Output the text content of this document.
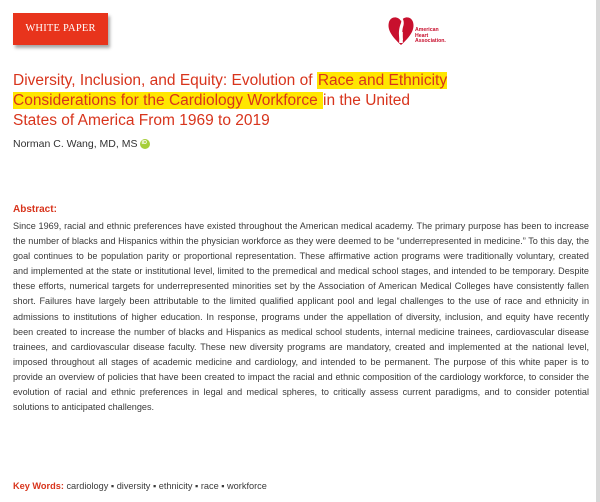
WHITE PAPER	American
Heart
Association.
Diversity, Inclusion, and Equity: Evolution of Race and Ethnicity Considerations for the Cardiology Workforce in the United States of America From 1969 to 2019
Norman C. Wang, MD, MS
iD
Abstract:

Since 1969, racial and ethnic preferences have existed throughout the American medical academy. The primary purpose has been to increase the number of blacks and Hispanics within the physician workforce as they were deemed to be “underrepresented in medicine.” To this day, the goal continues to be population parity or proportional representation. These affirmative action programs were traditionally voluntary, created and implemented at the state or institutional level, limited to the premedical and medical school stages, and intended to be temporary. Despite these efforts, numerical targets for underrepresented minorities set by the Association of American Medical Colleges have consistently fallen short. Failures have largely been attributable to the limited qualified applicant pool and legal challenges to the use of race and ethnicity in admissions to institutions of higher education. In response, programs under the appellation of diversity, inclusion, and equity have recently been created to increase the number of blacks and Hispanics as medical school students, internal medicine trainees, cardiovascular disease trainees, and cardiovascular disease faculty. These new diversity programs are mandatory, created and implemented at the national level, imposed throughout all stages of academic medicine and cardiology, and intended to be permanent. The purpose of this white paper is to provide an overview of policies that have been created to impact the racial and ethnic composition of the cardiology workforce, to consider the evolution of racial and ethnic preferences in legal and medical spheres, to critically assess current paradigms, and to consider potential solutions to anticipated challenges.

Key Words: cardiology ▪ diversity ▪ ethnicity ▪ race ▪ workforce
